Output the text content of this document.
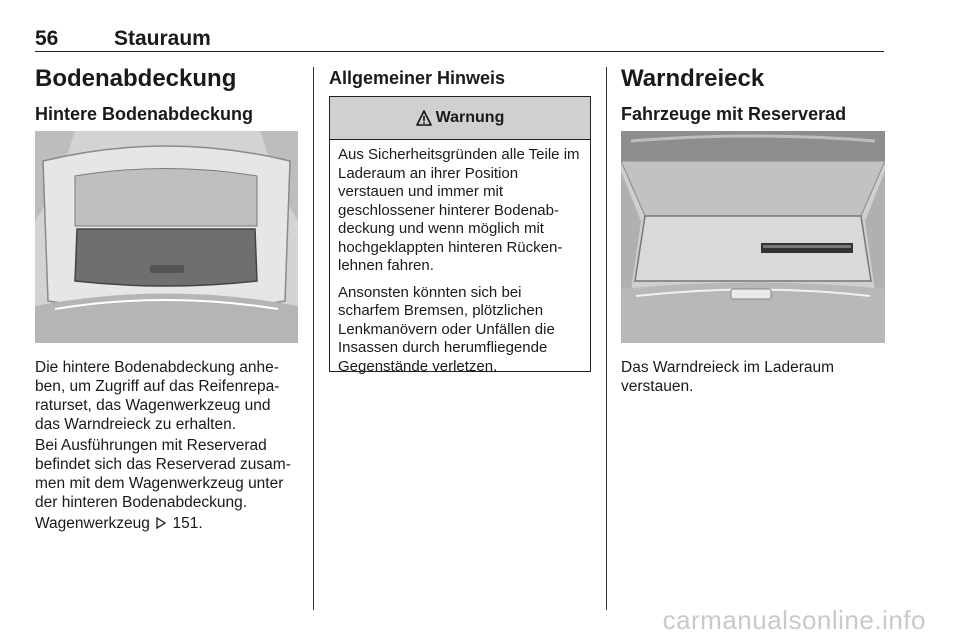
56	Stauraum
Bodenabdeckung
Hintere Bodenabdeckung

Die hintere Bodenabdeckung anheben, um Zugriff auf das Reifenreparaturset, das Wagenwerkzeug und das Warndreieck zu erhalten.

Bei Ausführungen mit Reserverad befindet sich das Reserverad zusammen mit dem Wagenwerkzeug unter der hinteren Bodenabdeckung.

Wagenwerkzeug 151.

Allgemeiner Hinweis
Warnung

Aus Sicherheitsgründen alle Teile im Laderaum an ihrer Position verstauen und immer mit geschlossener hinterer Bodenabdeckung und wenn möglich mit hochgeklappten hinteren Rückenlehnen fahren.

Ansonsten könnten sich bei scharfem Bremsen, plötzlichen Lenkmanövern oder Unfällen die Insassen durch herumfliegende Gegenstände verletzen.

Warndreieck
Fahrzeuge mit Reserverad

Das Warndreieck im Laderaum verstauen.

carmanualsonline.info
